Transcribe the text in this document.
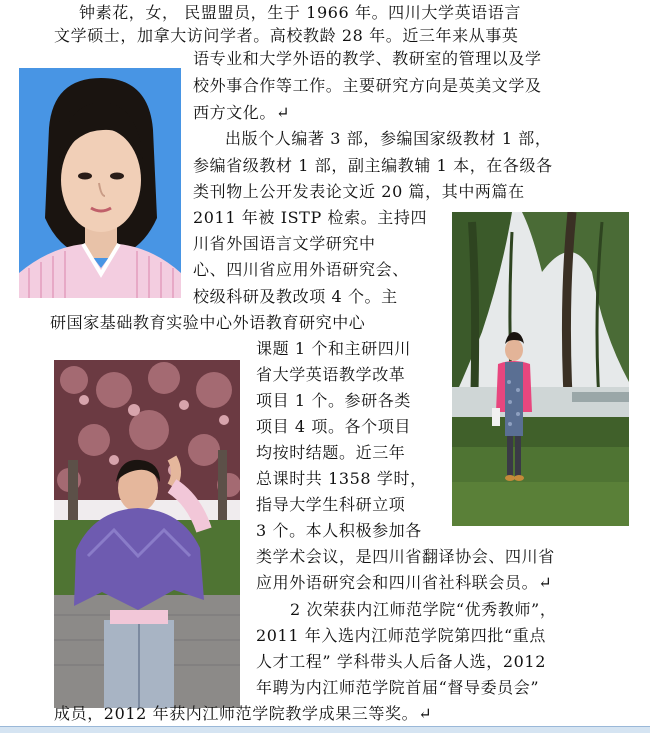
钟素花，女， 民盟盟员，生于 1966 年。四川大学英语语言
文学硕士，加拿大访问学者。高校教龄 28 年。近三年来从事英
语专业和大学外语的教学、教研室的管理以及学
校外事合作等工作。主要研究方向是英美文学及
西方文化。↵
出版个人编著 3 部，参编国家级教材 1 部，
参编省级教材 1 部，副主编教辅 1 本，在各级各
类刊物上公开发表论文近 20 篇，其中两篇在
2011 年被 ISTP 检索。主持四
川省外国语言文学研究中
心、四川省应用外语研究会、
校级科研及教改项 4 个。主
研国家基础教育实验中心外语教育研究中心
课题 1 个和主研四川
省大学英语教学改革
项目 1 个。参研各类
项目 4 项。各个项目
均按时结题。近三年
总课时共 1358 学时，
指导大学生科研立项
3 个。本人积极参加各
类学术会议，是四川省翻译协会、四川省
应用外语研究会和四川省社科联会员。↵
2 次荣获内江师范学院“优秀教师”，
2011 年入选内江师范学院第四批“重点
人才工程” 学科带头人后备人选，2012
年聘为内江师范学院首届“督导委员会”
成员，2012 年获内江师范学院教学成果三等奖。↵
